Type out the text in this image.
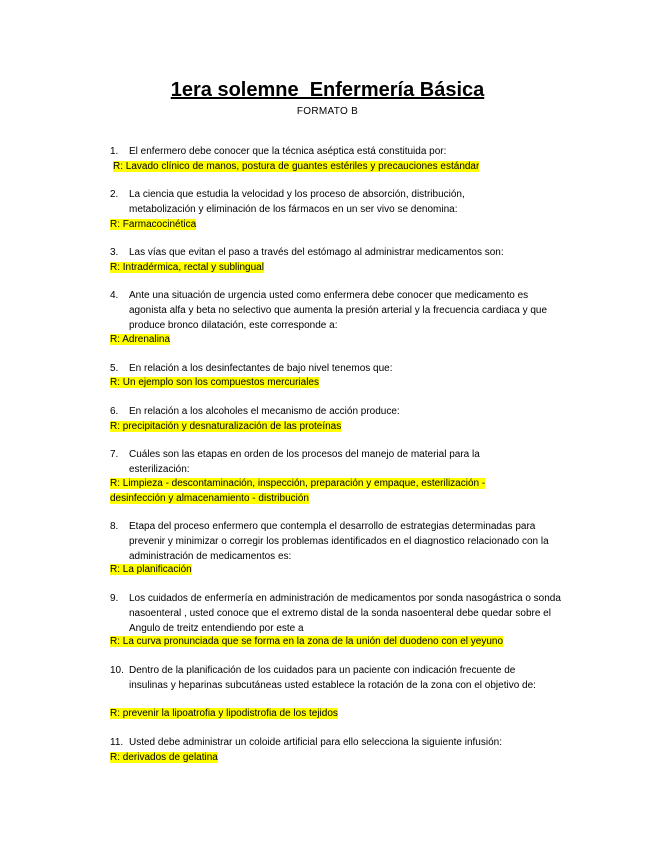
1era solemne  Enfermería Básica
FORMATO B
1.	El enfermero debe conocer que la técnica aséptica está constituida por:
R: Lavado clínico de manos, postura de guantes estériles y precauciones estándar
2.	La ciencia que estudia la velocidad y los proceso de absorción, distribución, metabolización y eliminación de los fármacos en un ser vivo se denomina:
R: Farmacocinética
3.	Las vías que evitan el paso a través del estómago al administrar medicamentos son:
R: Intradérmica, rectal y sublingual
4.	Ante una situación de urgencia usted como enfermera debe conocer que medicamento es agonista alfa y beta no selectivo que aumenta la presión arterial y la frecuencia cardiaca y que produce bronco dilatación, este corresponde a:
R: Adrenalina
5.	En relación a los desinfectantes de bajo nivel tenemos que:
R: Un ejemplo son los compuestos mercuriales
6.	En relación a los alcoholes el mecanismo de acción produce:
R: precipitación y desnaturalización de las proteínas
7.	Cuáles son las etapas en orden de los procesos del manejo de material para la esterilización:
R: Limpieza - descontaminación, inspección, preparación y empaque, esterilización - desinfección y almacenamiento - distribución
8.	Etapa del proceso enfermero que contempla el desarrollo de estrategias determinadas para prevenir y minimizar o corregir los problemas identificados en el diagnostico relacionado con la administración de medicamentos es:
R: La planificación
9.	Los cuidados de enfermería en administración de medicamentos por sonda nasogástrica o sonda nasoenteral , usted conoce que el extremo distal de la sonda nasoenteral debe quedar sobre el Angulo de treitz entendiendo por este a
R: La curva pronunciada que se forma en la zona de la unión del duodeno con el yeyuno
10. Dentro de la planificación de los cuidados para un paciente con indicación frecuente de insulinas y heparinas subcutáneas usted establece la rotación de la zona con el objetivo de:
R: prevenir la lipoatrofia y lipodistrofia de los tejidos
11. Usted debe administrar un coloide artificial para ello selecciona la siguiente infusión:
R: derivados de gelatina
